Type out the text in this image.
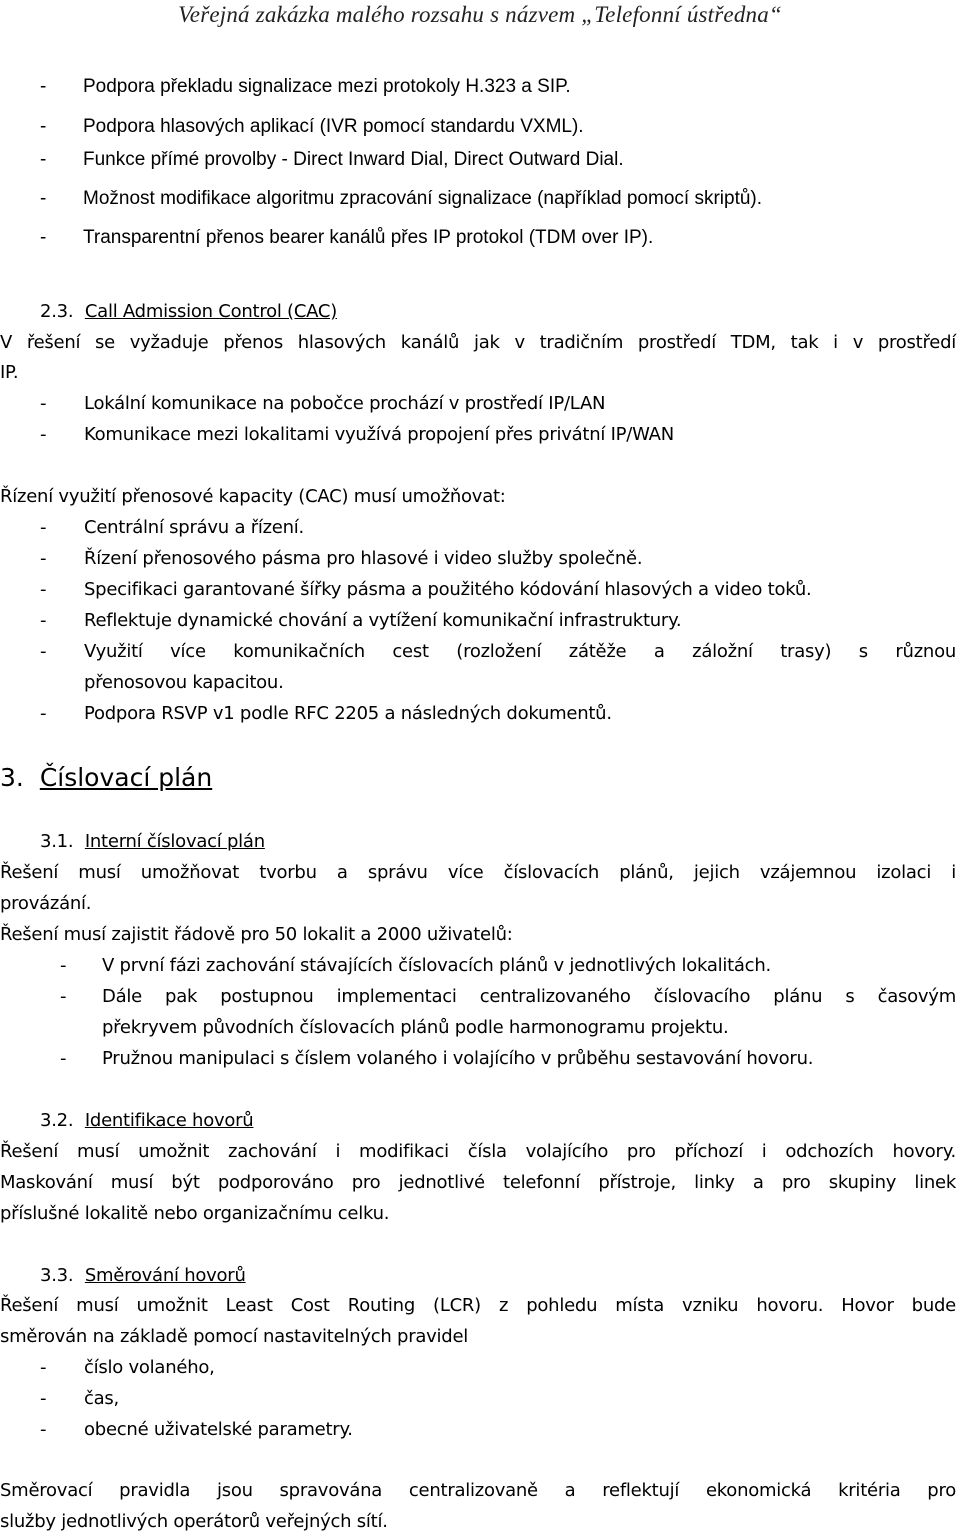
Veřejná zakázka malého rozsahu s názvem „Telefonní ústředna“
- Podpora překladu signalizace mezi protokoly H.323 a SIP.
- Podpora hlasových aplikací (IVR pomocí standardu VXML).
- Funkce přímé provolby - Direct Inward Dial, Direct Outward Dial.
- Možnost modifikace algoritmu zpracování signalizace (například pomocí skriptů).
- Transparentní přenos bearer kanálů přes IP protokol (TDM over IP).
2.3. Call Admission Control (CAC)
V řešení se vyžaduje přenos hlasových kanálů jak v tradičním prostředí TDM, tak i v prostředí
IP.
- Lokální komunikace na pobočce prochází v prostředí IP/LAN
- Komunikace mezi lokalitami využívá propojení přes privátní IP/WAN
Řízení využití přenosové kapacity (CAC) musí umožňovat:
- Centrální správu a řízení.
- Řízení přenosového pásma pro hlasové i video služby společně.
- Specifikaci garantované šířky pásma a použitého kódování hlasových a video toků.
- Reflektuje dynamické chování a vytížení komunikační infrastruktury.
- Využití více komunikačních cest (rozložení zátěže a záložní trasy) s různou
přenosovou kapacitou.
- Podpora RSVP v1 podle RFC 2205 a následných dokumentů.
3. Číslovací plán
3.1. Interní číslovací plán
Řešení musí umožňovat tvorbu a správu více číslovacích plánů, jejich vzájemnou izolaci i
provázání.
Řešení musí zajistit řádově pro 50 lokalit a 2000 uživatelů:
- V první fázi zachování stávajících číslovacích plánů v jednotlivých lokalitách.
- Dále pak postupnou implementaci centralizovaného číslovacího plánu s časovým
překryvem původních číslovacích plánů podle harmonogramu projektu.
- Pružnou manipulaci s číslem volaného i volajícího v průběhu sestavování hovoru.
3.2. Identifikace hovorů
Řešení musí umožnit zachování i modifikaci čísla volajícího pro příchozí i odchozích hovory.
Maskování musí být podporováno pro jednotlivé telefonní přístroje, linky a pro skupiny linek
příslušné lokalitě nebo organizačnímu celku.
3.3. Směrování hovorů
Řešení musí umožnit Least Cost Routing (LCR) z pohledu místa vzniku hovoru. Hovor bude
směrován na základě pomocí nastavitelných pravidel
- číslo volaného,
- čas,
- obecné uživatelské parametry.
Směrovací pravidla jsou spravována centralizovaně a reflektují ekonomická kritéria pro
služby jednotlivých operátorů veřejných sítí.
